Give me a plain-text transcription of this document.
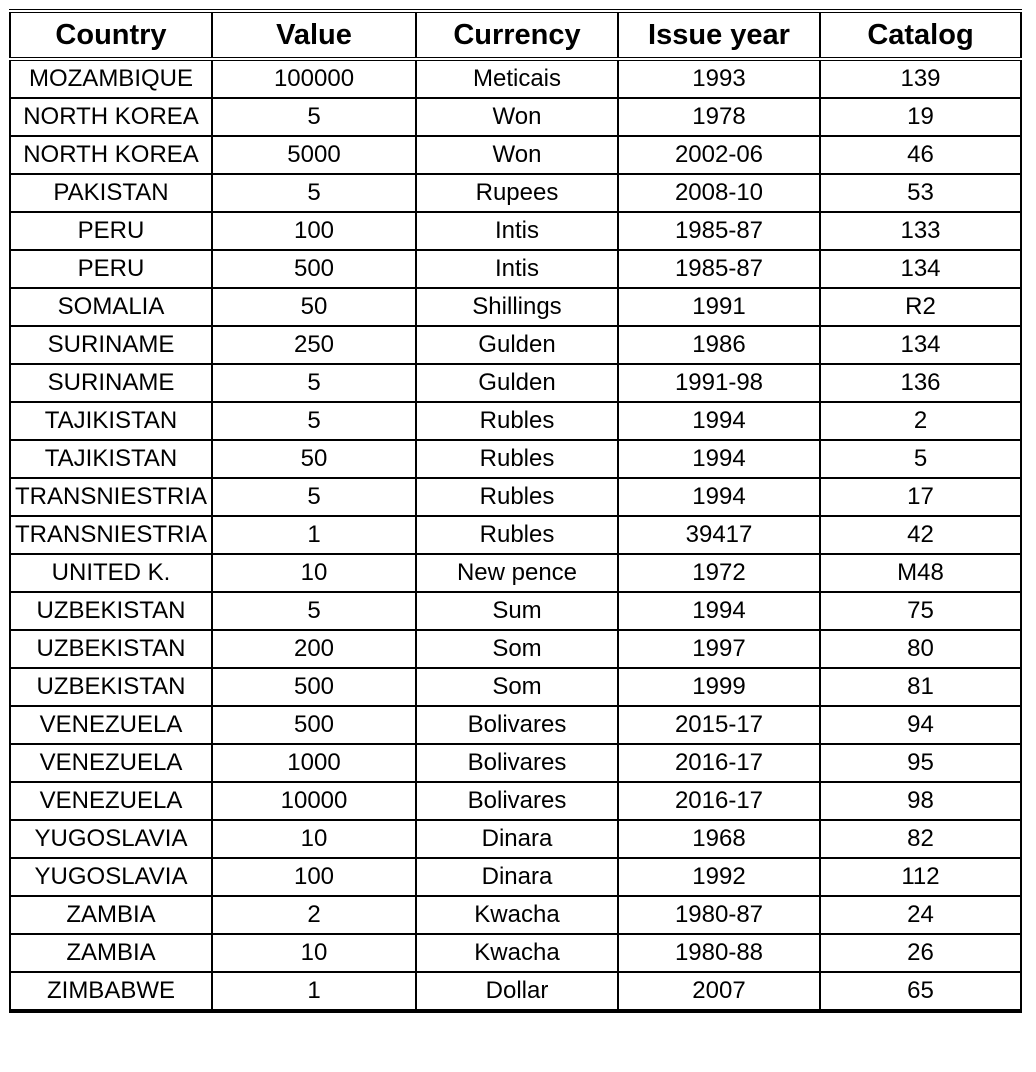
Country	Value	Currency	Issue year	Catalog
MOZAMBIQUE	100000	Meticais	1993	139
NORTH KOREA	5	Won	1978	19
NORTH KOREA	5000	Won	2002-06	46
PAKISTAN	5	Rupees	2008-10	53
PERU	100	Intis	1985-87	133
PERU	500	Intis	1985-87	134
SOMALIA	50	Shillings	1991	R2
SURINAME	250	Gulden	1986	134
SURINAME	5	Gulden	1991-98	136
TAJIKISTAN	5	Rubles	1994	2
TAJIKISTAN	50	Rubles	1994	5
TRANSNIESTRIA	5	Rubles	1994	17
TRANSNIESTRIA	1	Rubles	39417	42
UNITED K.	10	New pence	1972	M48
UZBEKISTAN	5	Sum	1994	75
UZBEKISTAN	200	Som	1997	80
UZBEKISTAN	500	Som	1999	81
VENEZUELA	500	Bolivares	2015-17	94
VENEZUELA	1000	Bolivares	2016-17	95
VENEZUELA	10000	Bolivares	2016-17	98
YUGOSLAVIA	10	Dinara	1968	82
YUGOSLAVIA	100	Dinara	1992	112
ZAMBIA	2	Kwacha	1980-87	24
ZAMBIA	10	Kwacha	1980-88	26
ZIMBABWE	1	Dollar	2007	65
